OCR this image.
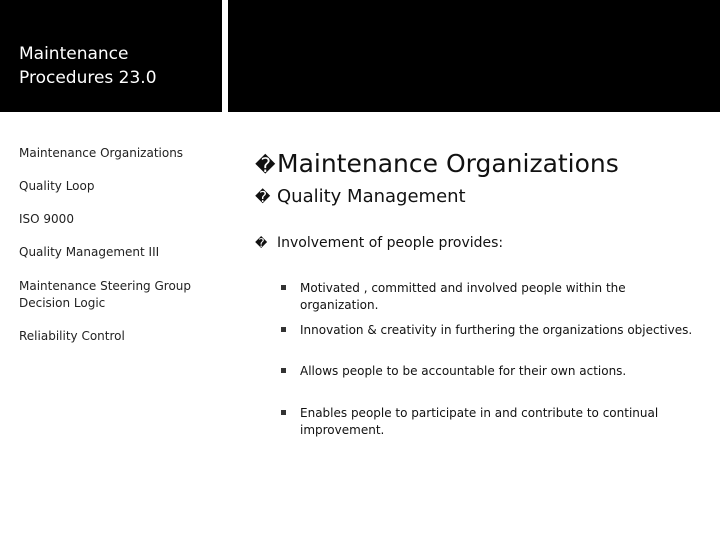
Maintenance
Procedures 23.0
Maintenance Organizations
Quality Loop
ISO 9000
Quality Management III
Maintenance Steering Group Decision Logic
Reliability Control
�Maintenance Organizations
� Quality Management
� Involvement of people provides:
Motivated , committed and involved people within the organization.
Innovation & creativity in furthering the organizations objectives.
Allows people to be accountable for their own actions.
Enables people to participate in and contribute to continual improvement.
